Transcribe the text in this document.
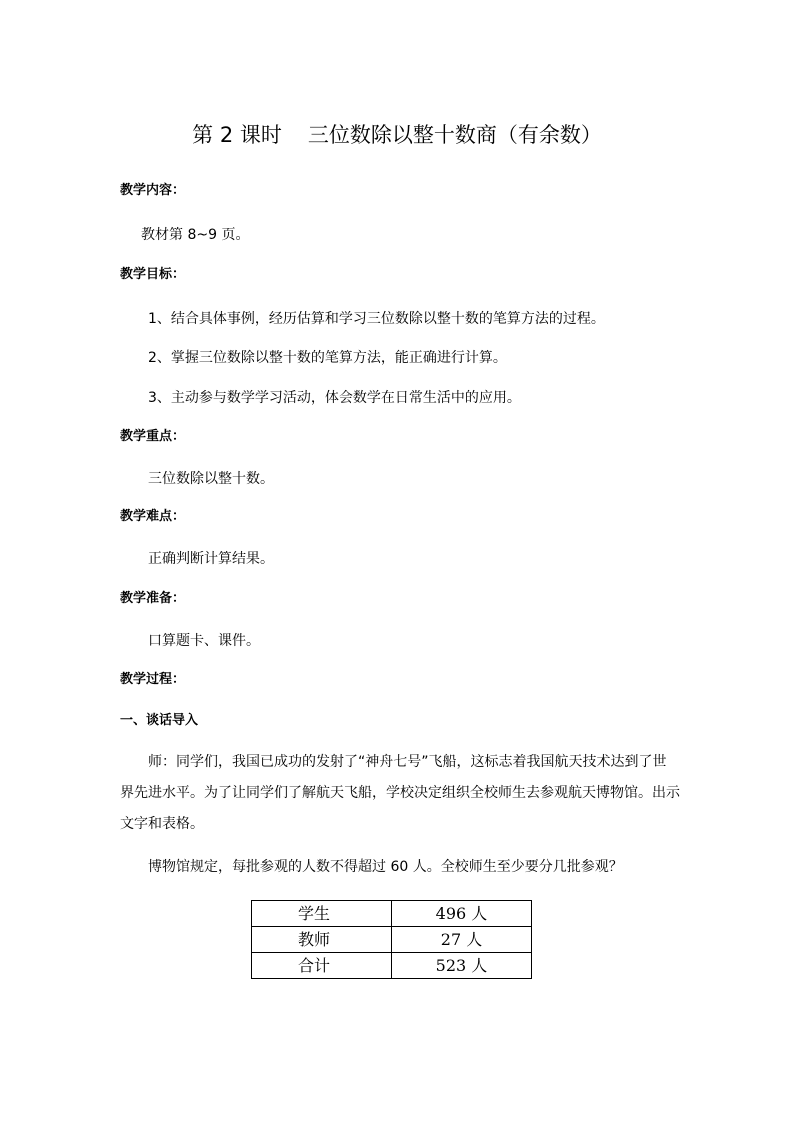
第 2 课时 三位数除以整十数商（有余数）
教学内容：
教材第 8~9 页。
教学目标：
1、结合具体事例，经历估算和学习三位数除以整十数的笔算方法的过程。
2、掌握三位数除以整十数的笔算方法，能正确进行计算。
3、主动参与数学学习活动，体会数学在日常生活中的应用。
教学重点：
三位数除以整十数。
教学难点：
正确判断计算结果。
教学准备：
口算题卡、课件。
教学过程：
一、谈话导入
师：同学们，我国已成功的发射了“神舟七号”飞船，这标志着我国航天技术达到了世界先进水平。为了让同学们了解航天飞船，学校决定组织全校师生去参观航天博物馆。出示文字和表格。
博物馆规定，每批参观的人数不得超过 60 人。全校师生至少要分几批参观？
学生	496 人
教师	27 人
合计	523 人
